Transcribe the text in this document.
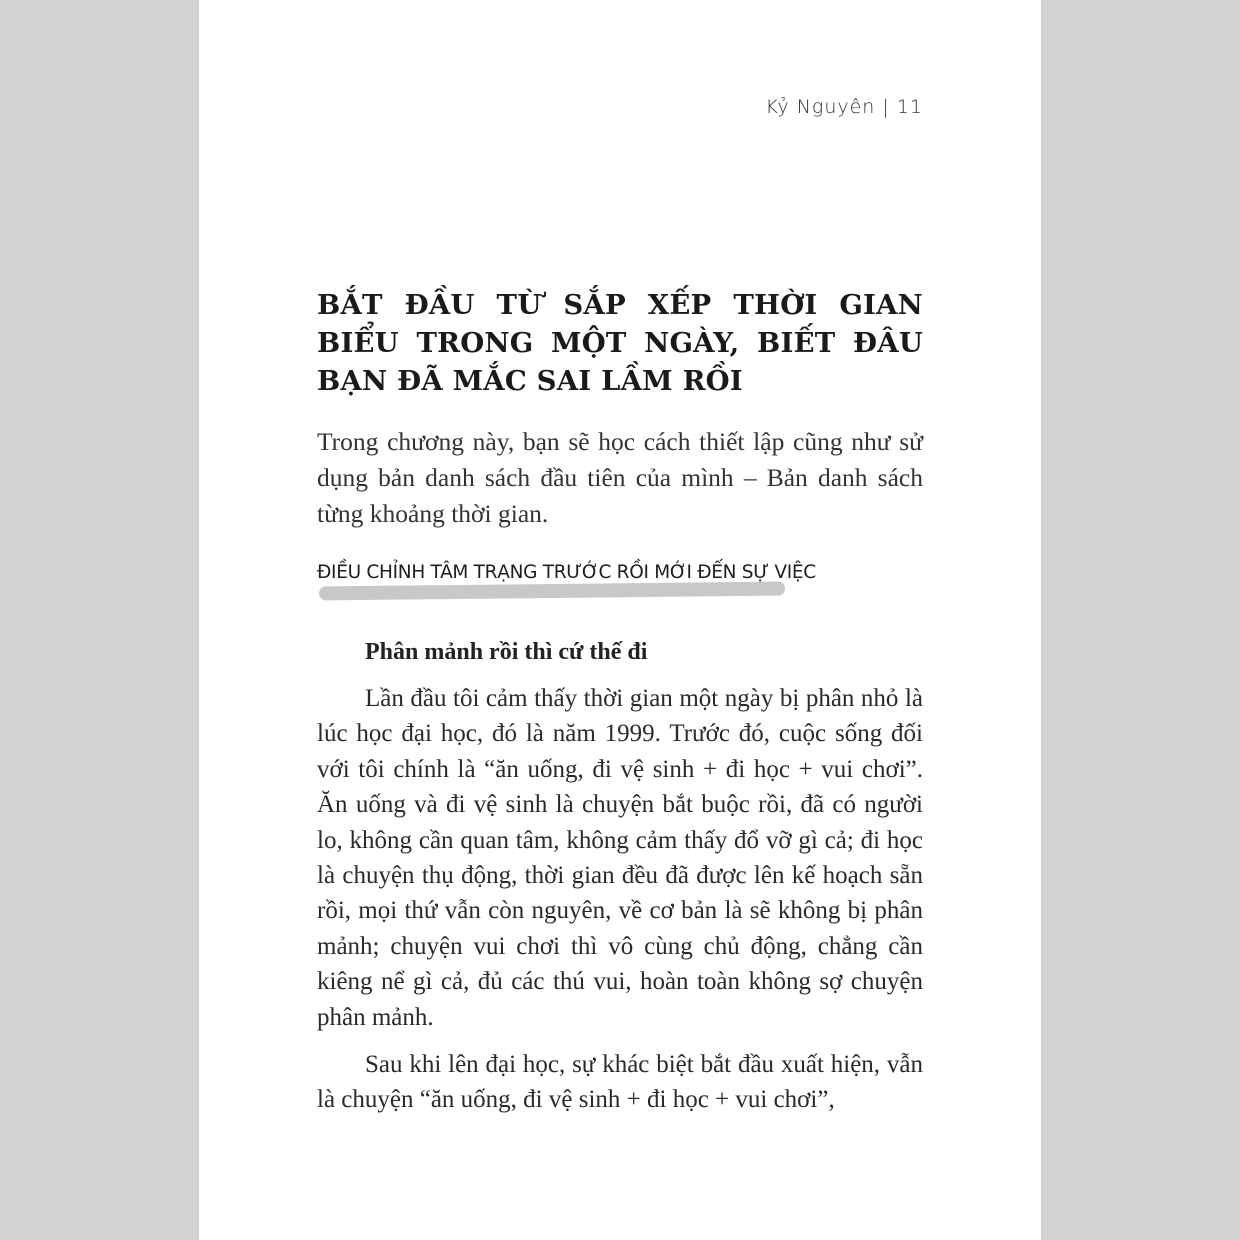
Kỷ Nguyên | 11
BẮT ĐẦU TỪ SẮP XẾP THỜI GIAN BIỂU TRONG MỘT NGÀY, BIẾT ĐÂU BẠN ĐÃ MẮC SAI LẦM RỒI

Trong chương này, bạn sẽ học cách thiết lập cũng như sử dụng bản danh sách đầu tiên của mình – Bản danh sách từng khoảng thời gian.

ĐIỀU CHỈNH TÂM TRẠNG TRƯỚC RỒI MỚI ĐẾN SỰ VIỆC
Phân mảnh rồi thì cứ thế đi

Lần đầu tôi cảm thấy thời gian một ngày bị phân nhỏ là lúc học đại học, đó là năm 1999. Trước đó, cuộc sống đối với tôi chính là “ăn uống, đi vệ sinh + đi học + vui chơi”. Ăn uống và đi vệ sinh là chuyện bắt buộc rồi, đã có người lo, không cần quan tâm, không cảm thấy đổ vỡ gì cả; đi học là chuyện thụ động, thời gian đều đã được lên kế hoạch sẵn rồi, mọi thứ vẫn còn nguyên, về cơ bản là sẽ không bị phân mảnh; chuyện vui chơi thì vô cùng chủ động, chẳng cần kiêng nể gì cả, đủ các thú vui, hoàn toàn không sợ chuyện phân mảnh.

Sau khi lên đại học, sự khác biệt bắt đầu xuất hiện, vẫn là chuyện “ăn uống, đi vệ sinh + đi học + vui chơi”,
